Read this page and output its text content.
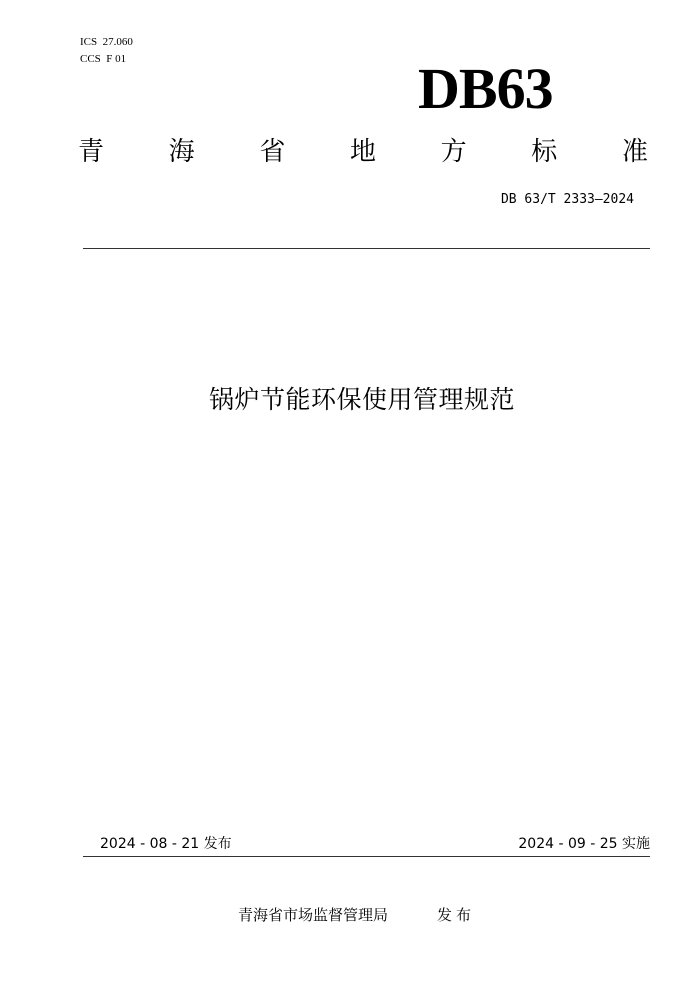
ICS  27.060
CCS  F 01	DB63
青 海 省 地 方 标 准
DB 63/T 2333—2024
锅炉节能环保使用管理规范
2024 - 08 - 21 发布	2024 - 09 - 25 实施
青海省市场监督管理局	发布
